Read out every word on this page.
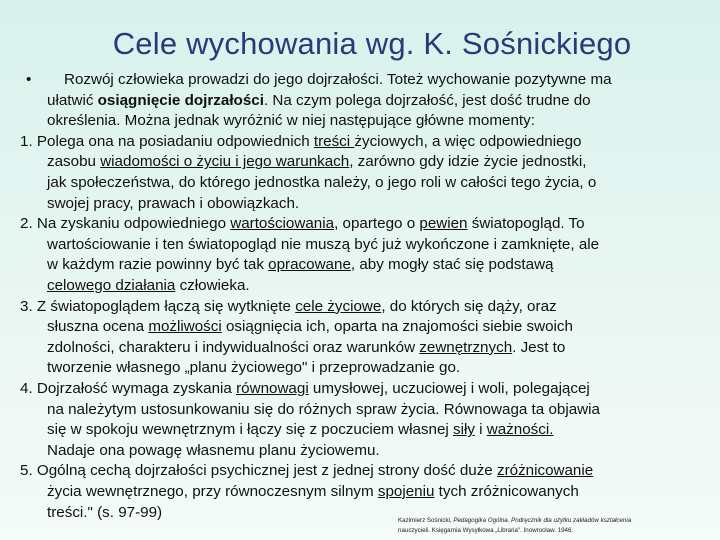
Cele wychowania wg. K. Sośnickiego
• Rozwój człowieka prowadzi do jego dojrzałości. Toteż wychowanie pozytywne ma
ułatwić osiągnięcie dojrzałości. Na czym polega dojrzałość, jest dość trudne do
określenia. Można jednak wyróżnić w niej następujące główne momenty:
1. Polega ona na posiadaniu odpowiednich treści życiowych, a więc odpowiedniego
zasobu wiadomości o życiu i jego warunkach, zarówno gdy idzie życie jednostki,
jak społeczeństwa, do którego jednostka należy, o jego roli w całości tego życia, o
swojej pracy, prawach i obowiązkach.
2. Na zyskaniu odpowiedniego wartościowania, opartego o pewien światopogląd. To
wartościowanie i ten światopogląd nie muszą być już wykończone i zamknięte, ale
w każdym razie powinny być tak opracowane, aby mogły stać się podstawą
celowego działania człowieka.
3. Z światopoglądem łączą się wytknięte cele życiowe, do których się dąży, oraz
słuszna ocena możliwości osiągnięcia ich, oparta na znajomości siebie swoich
zdolności, charakteru i indywidualności oraz warunków zewnętrznych. Jest to
tworzenie własnego „planu życiowego" i przeprowadzanie go.
4. Dojrzałość wymaga zyskania równowagi umysłowej, uczuciowej i woli, polegającej
na należytym ustosunkowaniu się do różnych spraw życia. Równowaga ta objawia
się w spokoju wewnętrznym i łączy się z poczuciem własnej siły i ważności.
Nadaje ona powagę własnemu planu życiowemu.
5. Ogólną cechą dojrzałości psychicznej jest z jednej strony dość duże zróżnicowanie
życia wewnętrznego, przy równoczesnym silnym spojeniu tych zróżnicowanych
treści." (s. 97-99)	Kazimierz Sośnicki, Pedagogika Ogólna. Podręcznik dla użytku zakładów kształcenia
nauczycieli. Księgarnia Wysyłkowa „Libraria". Inowrocław. 1946.
